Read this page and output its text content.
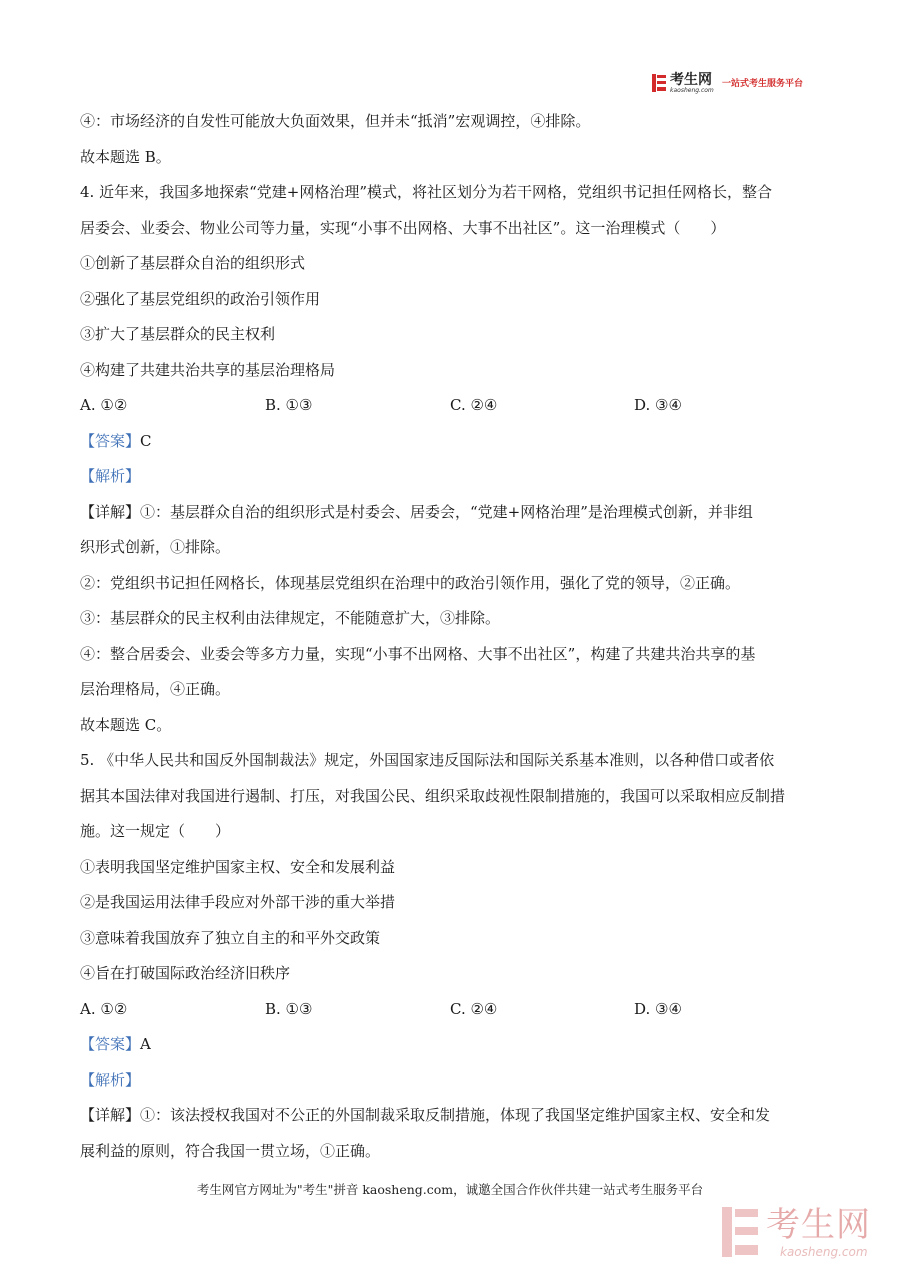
考生网
kaosheng.com
一站式考生服务平台
④：市场经济的自发性可能放大负面效果，但并未“抵消”宏观调控，④排除。
故本题选 B。
4. 近年来，我国多地探索“党建+网格治理”模式，将社区划分为若干网格，党组织书记担任网格长，整合
居委会、业委会、物业公司等力量，实现“小事不出网格、大事不出社区”。这一治理模式（　　）
①创新了基层群众自治的组织形式
②强化了基层党组织的政治引领作用
③扩大了基层群众的民主权利
④构建了共建共治共享的基层治理格局
A. ①②	B. ①③	C. ②④	D. ③④
【答案】C
【解析】
【详解】①：基层群众自治的组织形式是村委会、居委会，“党建+网格治理”是治理模式创新，并非组
织形式创新，①排除。
②：党组织书记担任网格长，体现基层党组织在治理中的政治引领作用，强化了党的领导，②正确。
③：基层群众的民主权利由法律规定，不能随意扩大，③排除。
④：整合居委会、业委会等多方力量，实现“小事不出网格、大事不出社区”，构建了共建共治共享的基
层治理格局，④正确。
故本题选 C。
5. 《中华人民共和国反外国制裁法》规定，外国国家违反国际法和国际关系基本准则，以各种借口或者依
据其本国法律对我国进行遏制、打压，对我国公民、组织采取歧视性限制措施的，我国可以采取相应反制措
施。这一规定（　　）
①表明我国坚定维护国家主权、安全和发展利益
②是我国运用法律手段应对外部干涉的重大举措
③意味着我国放弃了独立自主的和平外交政策
④旨在打破国际政治经济旧秩序
A. ①②	B. ①③	C. ②④	D. ③④
【答案】A
【解析】
【详解】①：该法授权我国对不公正的外国制裁采取反制措施，体现了我国坚定维护国家主权、安全和发
展利益的原则，符合我国一贯立场，①正确。
考生网官方网址为"考生"拼音 kaosheng.com，诚邀全国合作伙伴共建一站式考生服务平台
考生网
kaosheng.com
